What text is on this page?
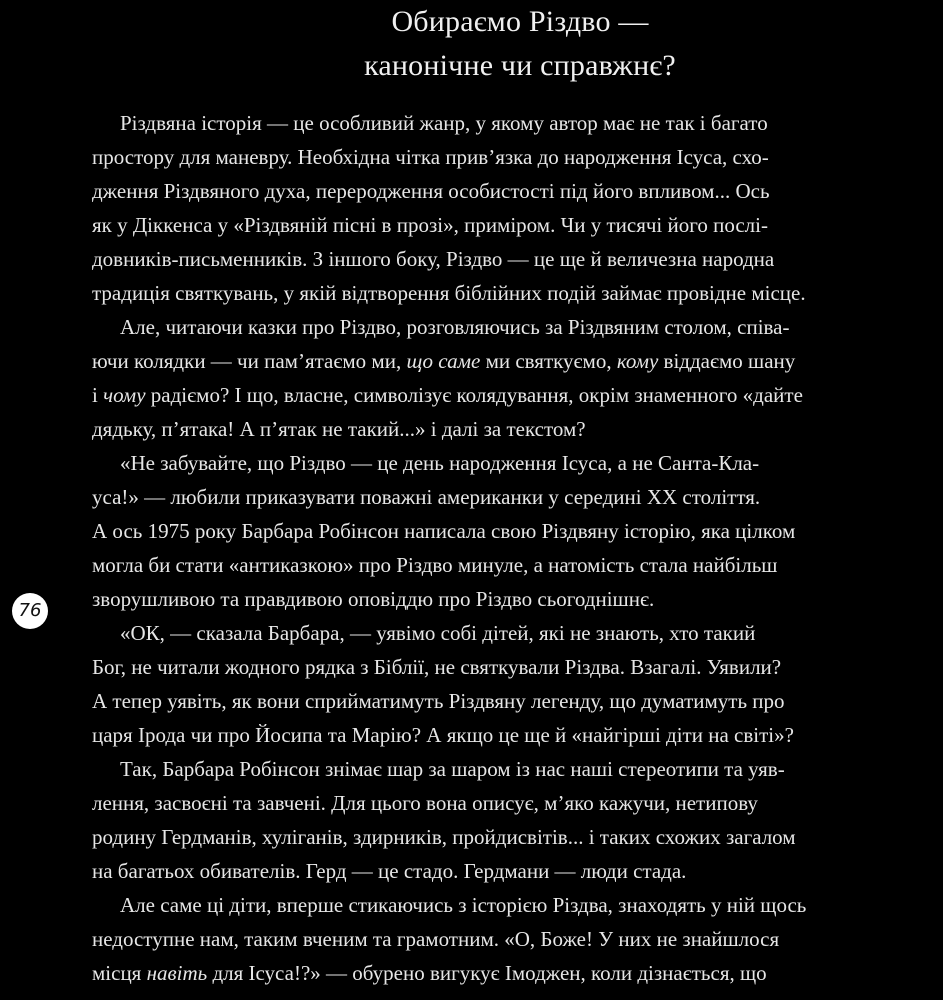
Обираємо Різдво —
канонічне чи справжнє?
Різдвяна історія — це особливий жанр, у якому автор має не так і багато
простору для маневру. Необхідна чітка прив’язка до народження Ісуса, схо-
дження Різдвяного духа, переродження особистості під його впливом... Ось
як у Діккенса у «Різдвяній пісні в прозі», приміром. Чи у тисячі його послі-
довників-письменників. З іншого боку, Різдво — це ще й величезна народна
традиція святкувань, у якій відтворення біблійних подій займає провідне місце.
Але, читаючи казки про Різдво, розговляючись за Різдвяним столом, співа-
ючи колядки — чи пам’ятаємо ми, що саме ми святкуємо, кому віддаємо шану
і чому радіємо? І що, власне, символізує колядування, окрім знаменного «дайте
дядьку, п’ятака! А п’ятак не такий...» і далі за текстом?
«Не забувайте, що Різдво — це день народження Ісуса, а не Санта-Кла-
уса!» — любили приказувати поважні американки у середині ХХ століття.
А ось 1975 року Барбара Робінсон написала свою Різдвяну історію, яка цілком
могла би стати «антиказкою» про Різдво минуле, а натомість стала найбільш
зворушливою та правдивою оповіддю про Різдво сьогоднішнє.
«ОК, — сказала Барбара, — уявімо собі дітей, які не знають, хто такий
Бог, не читали жодного рядка з Біблії, не святкували Різдва. Взагалі. Уявили?
А тепер уявіть, як вони сприйматимуть Різдвяну легенду, що думатимуть про
царя Ірода чи про Йосипа та Марію? А якщо це ще й «найгірші діти на світі»?
Так, Барбара Робінсон знімає шар за шаром із нас наші стереотипи та уяв-
лення, засвоєні та завчені. Для цього вона описує, м’яко кажучи, нетипову
родину Гердманів, хуліганів, здирників, пройдисвітів... і таких схожих загалом
на багатьох обивателів. Герд — це стадо. Гердмани — люди стада.
Але саме ці діти, вперше стикаючись з історією Різдва, знаходять у ній щось
недоступне нам, таким вченим та грамотним. «О, Боже! У них не знайшлося
місця навіть для Ісуса!?» — обурено вигукує Імоджен, коли дізнається, що
76
